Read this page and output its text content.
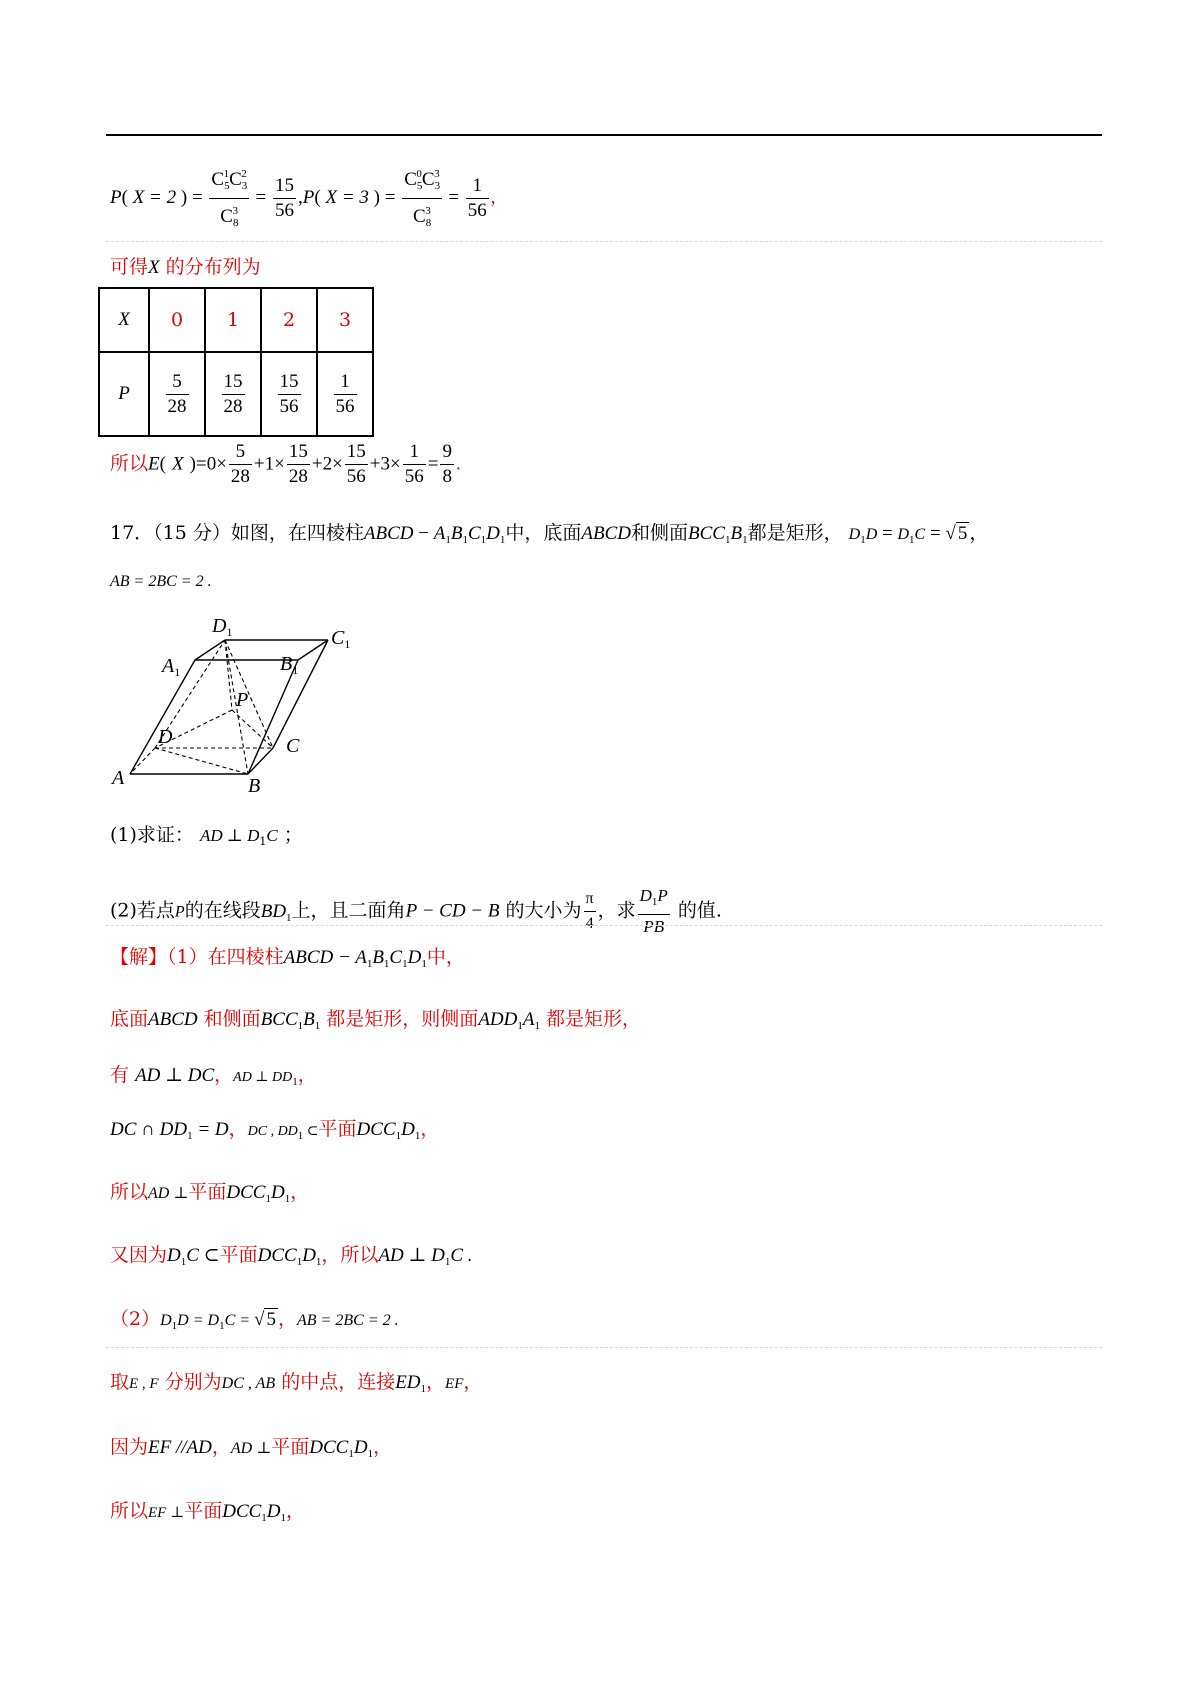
P( X = 2 ) = $\frac{C_5^1C_3^2}{C_8^3} = \frac{15}{56} ,P$( X = 3 ) = $\frac{C_5^0C_3^3}{C_8^3} = \frac{1}{56}$ ,
可得X 的分布列为
X	0	1	2	3
P	$\frac{5}{28}$	$\frac{15}{28}$	$\frac{15}{56}$	$\frac{1}{56}$
所以E( X )$=0\times \frac{5}{28} +1\times \frac{15}{28} +2\times \frac{15}{56} +3\times \frac{1}{56} = \frac{9}{8}$ .
17．（15 分）如图，在四棱柱ABCD − $A_1B_1C_1D_1$中，底面ABCD和侧面$BCC_1B_1$都是矩形， $D_1D = D_1C$ = √ 5 ，
AB = 2BC = 2 .
$D_1$	$C_1$
$A_1$	$B_1$
P
D	C
A	B
(1)求证： AD ⊥ $D_1C$ ；
(2)若点P的在线段$BD_1$上，且二面角P − CD − B 的大小为 $\frac{\pi}{4}$ ，求 $\frac{D_1P}{PB}$ 的值.
【解】（1）在四棱柱ABCD − $A_1B_1C_1D_1$中，
底面ABCD 和侧面$BCC_1B_1$ 都是矩形，则侧面$ADD_1A_1$ 都是矩形，
有 AD ⊥ DC，AD ⊥ $DD_1$，
DC ∩ $DD_1 = D$，DC , $DD_1$ ⊂平面$DCC_1D_1$，
所以AD ⊥平面$DCC_1D_1$，
又因为$D_1C$ ⊂平面$DCC_1D_1$，所以AD ⊥ $D_1C$ .
$(2)D_1D = D_1C$ = √ 5 ，AB = 2BC = 2 .
取E , F 分别为DC , AB 的中点，连接$ED_1$，EF，
因为EF //AD，AD ⊥平面$DCC_1D_1$，
所以EF ⊥平面$DCC_1D_1$，
